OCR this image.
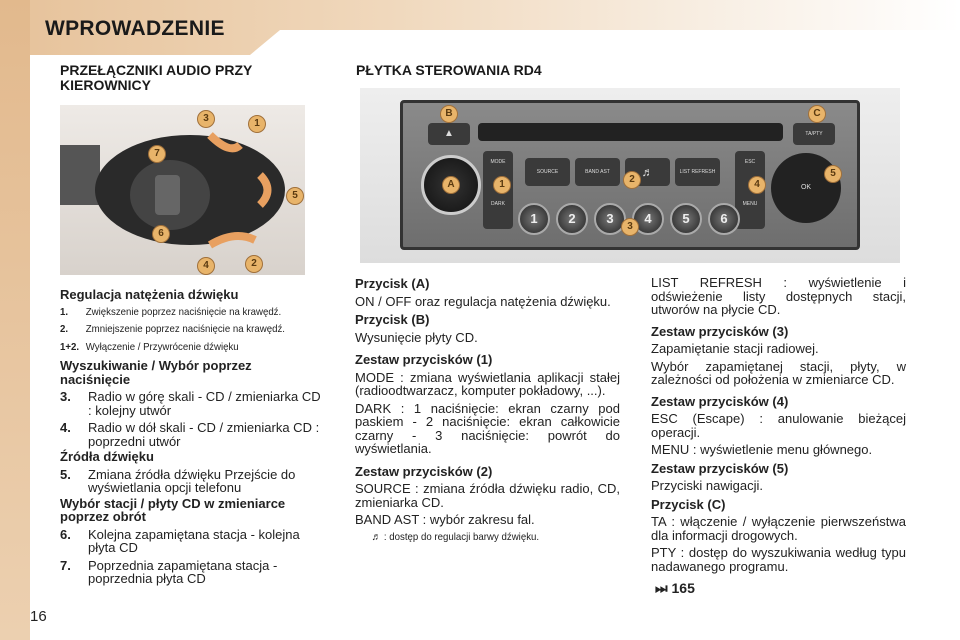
WPROWADZENIE
PRZEŁĄCZNIKI AUDIO PRZY KIEROWNICY
PŁYTKA STEROWANIA RD4
3	1
7
5
6
4	2
▲	TA/PTY
MODE

DARK
SOURCE	BAND AST	♬	LIST REFRESH
ESC

MENU
OK
1	2	3	4	5	6
B	C
A	1	2
3
4
5
Regulacja natężenia dźwięku
1.	Zwiększenie poprzez naciśnięcie na krawędź.
2.	Zmniejszenie poprzez naciśnięcie na krawędź.
1+2. Wyłączenie / Przywrócenie dźwięku
Wyszukiwanie / Wybór poprzez naciśnięcie
3.	Radio w górę skali - CD / zmieniarka CD : kolejny utwór
4.	Radio w dół skali - CD / zmieniarka CD : poprzedni utwór
Źródła dźwięku
5.	Zmiana źródła dźwięku Przejście do wyświetlania opcji telefonu
Wybór stacji / płyty CD w zmieniarce poprzez obrót
6.	Kolejna zapamiętana stacja - kolejna płyta CD
7.	Poprzednia zapamiętana stacja - poprzednia płyta CD
Przycisk (A)

ON / OFF oraz regulacja natężenia dźwięku.

Przycisk (B)

Wysunięcie płyty CD.

Zestaw przycisków (1)

MODE : zmiana wyświetlania aplikacji stałej (radioodtwarzacz, komputer pokładowy, ...).

DARK : 1 naciśnięcie: ekran czarny pod paskiem - 2 naciśnięcie: ekran całkowicie czarny - 3 naciśnięcie: powrót do wyświetlania.

Zestaw przycisków (2)

SOURCE : zmiana źródła dźwięku radio, CD, zmieniarka CD.

BAND AST : wybór zakresu fal.

♬ : dostęp do regulacji barwy dźwięku.

LIST REFRESH : wyświetlenie i odświeżenie listy dostępnych stacji, utworów na płycie CD.

Zestaw przycisków (3)

Zapamiętanie stacji radiowej.

Wybór zapamiętanej stacji, płyty, w zależności od położenia w zmieniarce CD.

Zestaw przycisków (4)

ESC (Escape) : anulowanie bieżącej operacji.

MENU : wyświetlenie menu głównego.

Zestaw przycisków (5)

Przyciski nawigacji.

Przycisk (C)

TA : włączenie / wyłączenie pierwszeństwa dla informacji drogowych.

PTY : dostęp do wyszukiwania według typu nadawanego programu.

⏭ 165
16
